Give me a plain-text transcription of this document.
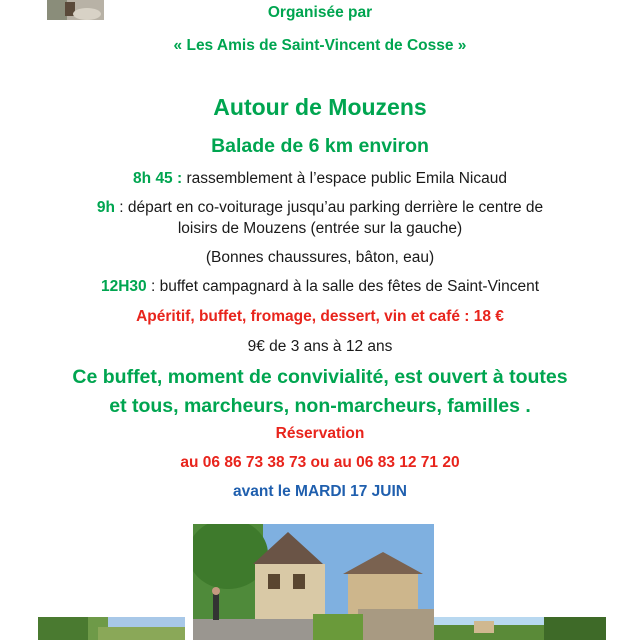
Organisée par
« Les Amis de Saint-Vincent de Cosse »
Autour de Mouzens
Balade de 6 km environ
8h 45 : rassemblement à l’espace public Emila Nicaud
9h : départ en co-voiturage jusqu’au parking derrière le centre de
loisirs de Mouzens (entrée sur la gauche)
(Bonnes chaussures, bâton, eau)
12H30 : buffet campagnard à la salle des fêtes de Saint-Vincent
Apéritif, buffet, fromage, dessert, vin et café : 18 €
9€ de 3 ans à 12 ans
Ce buffet, moment de convivialité, est ouvert à toutes
et tous, marcheurs, non-marcheurs, familles .
Réservation
au 06 86 73 38 73 ou au 06 83 12 71 20
avant le MARDI 17 JUIN
